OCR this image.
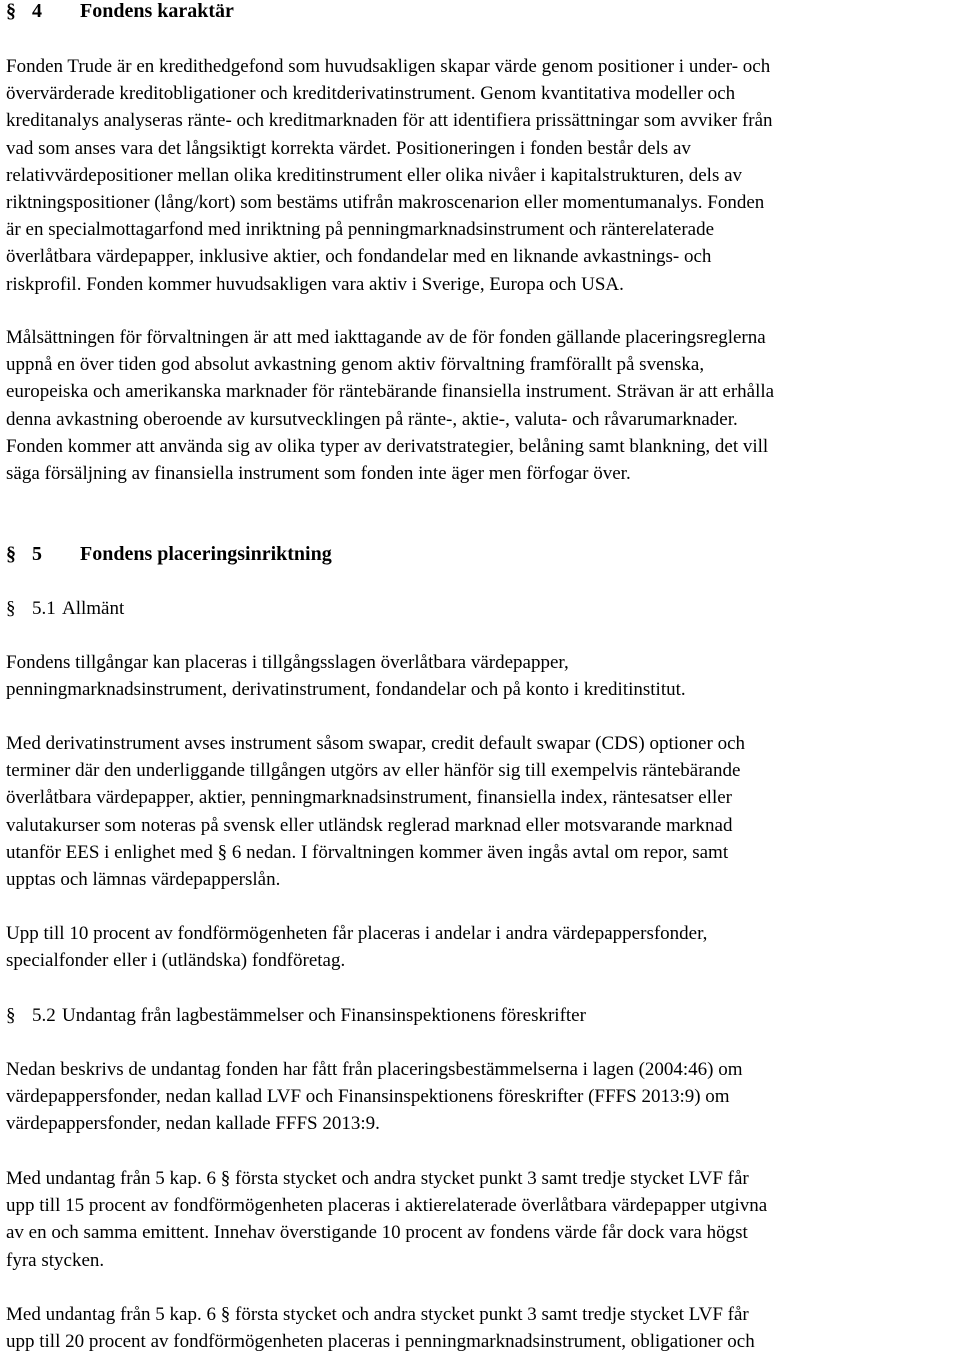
§ 4 Fondens karaktär
Fonden Trude är en kredithedgefond som huvudsakligen skapar värde genom positioner i under- och
övervärderade kreditobligationer och kreditderivatinstrument. Genom kvantitativa modeller och
kreditanalys analyseras ränte- och kreditmarknaden för att identifiera prissättningar som avviker från
vad som anses vara det långsiktigt korrekta värdet. Positioneringen i fonden består dels av
relativvärdepositioner mellan olika kreditinstrument eller olika nivåer i kapitalstrukturen, dels av
riktningspositioner (lång/kort) som bestäms utifrån makroscenarion eller momentumanalys. Fonden
är en specialmottagarfond med inriktning på penningmarknadsinstrument och ränterelaterade
överlåtbara värdepapper, inklusive aktier, och fondandelar med en liknande avkastnings- och
riskprofil. Fonden kommer huvudsakligen vara aktiv i Sverige, Europa och USA.
Målsättningen för förvaltningen är att med iakttagande av de för fonden gällande placeringsreglerna
uppnå en över tiden god absolut avkastning genom aktiv förvaltning framförallt på svenska,
europeiska och amerikanska marknader för räntebärande finansiella instrument. Strävan är att erhålla
denna avkastning oberoende av kursutvecklingen på ränte-, aktie-, valuta- och råvarumarknader.
Fonden kommer att använda sig av olika typer av derivatstrategier, belåning samt blankning, det vill
säga försäljning av finansiella instrument som fonden inte äger men förfogar över.
§ 5 Fondens placeringsinriktning
§ 5.1 Allmänt
Fondens tillgångar kan placeras i tillgångsslagen överlåtbara värdepapper,
penningmarknadsinstrument, derivatinstrument, fondandelar och på konto i kreditinstitut.
Med derivatinstrument avses instrument såsom swapar, credit default swapar (CDS) optioner och
terminer där den underliggande tillgången utgörs av eller hänför sig till exempelvis räntebärande
överlåtbara värdepapper, aktier, penningmarknadsinstrument, finansiella index, räntesatser eller
valutakurser som noteras på svensk eller utländsk reglerad marknad eller motsvarande marknad
utanför EES i enlighet med § 6 nedan. I förvaltningen kommer även ingås avtal om repor, samt
upptas och lämnas värdepapperslån.
Upp till 10 procent av fondförmögenheten får placeras i andelar i andra värdepappersfonder,
specialfonder eller i (utländska) fondföretag.
§ 5.2 Undantag från lagbestämmelser och Finansinspektionens föreskrifter
Nedan beskrivs de undantag fonden har fått från placeringsbestämmelserna i lagen (2004:46) om
värdepappersfonder, nedan kallad LVF och Finansinspektionens föreskrifter (FFFS 2013:9) om
värdepappersfonder, nedan kallade FFFS 2013:9.
Med undantag från 5 kap. 6 § första stycket och andra stycket punkt 3 samt tredje stycket LVF får
upp till 15 procent av fondförmögenheten placeras i aktierelaterade överlåtbara värdepapper utgivna
av en och samma emittent. Innehav överstigande 10 procent av fondens värde får dock vara högst
fyra stycken.
Med undantag från 5 kap. 6 § första stycket och andra stycket punkt 3 samt tredje stycket LVF får
upp till 20 procent av fondförmögenheten placeras i penningmarknadsinstrument, obligationer och
